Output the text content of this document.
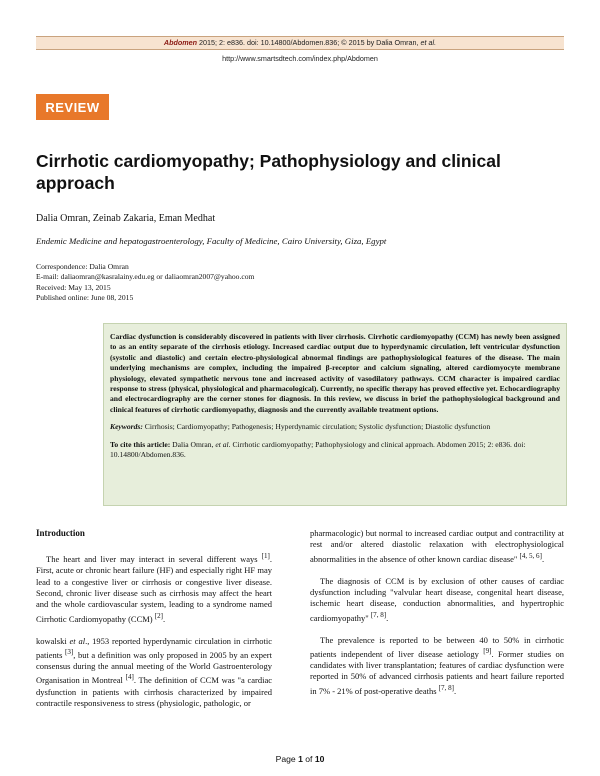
Abdomen 2015; 2: e836. doi: 10.14800/Abdomen.836; © 2015 by Dalia Omran, et al.
http://www.smartsdtech.com/index.php/Abdomen
REVIEW
Cirrhotic cardiomyopathy; Pathophysiology and clinical approach
Dalia Omran, Zeinab Zakaria, Eman Medhat
Endemic Medicine and hepatogastroenterology, Faculty of Medicine, Cairo University, Giza, Egypt
Correspondence: Dalia Omran
E-mail: daliaomran@kasralainy.edu.eg or daliaomran2007@yahoo.com
Received: May 13, 2015
Published online: June 08, 2015

Cardiac dysfunction is considerably discovered in patients with liver cirrhosis. Cirrhotic cardiomyopathy (CCM) has newly been assigned to as an entity separate of the cirrhosis etiology. Increased cardiac output due to hyperdynamic circulation, left ventricular dysfunction (systolic and diastolic) and certain electro-physiological abnormal findings are pathophysiological features of the disease. The main underlying mechanisms are complex, including the impaired β-receptor and calcium signaling, altered cardiomyocyte membrane physiology, elevated sympathetic nervous tone and increased activity of vasodilatory pathways. CCM character is impaired cardiac response to stress (physical, physiological and pharmacological). Currently, no specific therapy has proved effective yet. Echocardiography and electrocardiography are the corner stones for diagnosis. In this review, we discuss in brief the pathophysiological background and clinical features of cirrhotic cardiomyopathy, diagnosis and the currently available treatment options.

Keywords: Cirrhosis; Cardiomyopathy; Pathogenesis; Hyperdynamic circulation; Systolic dysfunction; Diastolic dysfunction

To cite this article: Dalia Omran, et al. Cirrhotic cardiomyopathy; Pathophysiology and clinical approach. Abdomen 2015; 2: e836. doi: 10.14800/Abdomen.836.

Introduction

The heart and liver may interact in several different ways [1]. First, acute or chronic heart failure (HF) and especially right HF may lead to a congestive liver or cirrhosis or congestive liver disease. Second, chronic liver disease such as cirrhosis may affect the heart and the whole cardiovascular system, leading to a syndrome named Cirrhotic Cardiomyopathy (CCM) [2].

kowalski et al., 1953 reported hyperdynamic circulation in cirrhotic patients [3], but a definition was only proposed in 2005 by an expert consensus during the annual meeting of the World Gastroenterology Organisation in Montreal [4]. The definition of CCM was "a cardiac dysfunction in patients with cirrhosis characterized by impaired contractile responsiveness to stress (physiologic, pathologic, or

pharmacologic) but normal to increased cardiac output and contractility at rest and/or altered diastolic relaxation with electrophysiological abnormalities in the absence of other known cardiac disease" [4, 5, 6].

The diagnosis of CCM is by exclusion of other causes of cardiac dysfunction including "valvular heart disease, congenital heart disease, ischemic heart disease, conduction abnormalities, and hypertrophic cardiomyopathy" [7, 8].

The prevalence is reported to be between 40 to 50% in cirrhotic patients independent of liver disease aetiology [9]. Former studies on candidates with liver transplantation; features of cardiac dysfunction were reported in 50% of advanced cirrhosis patients and heart failure reported in 7% - 21% of post-operative deaths [7, 8].

Page 1 of 10
